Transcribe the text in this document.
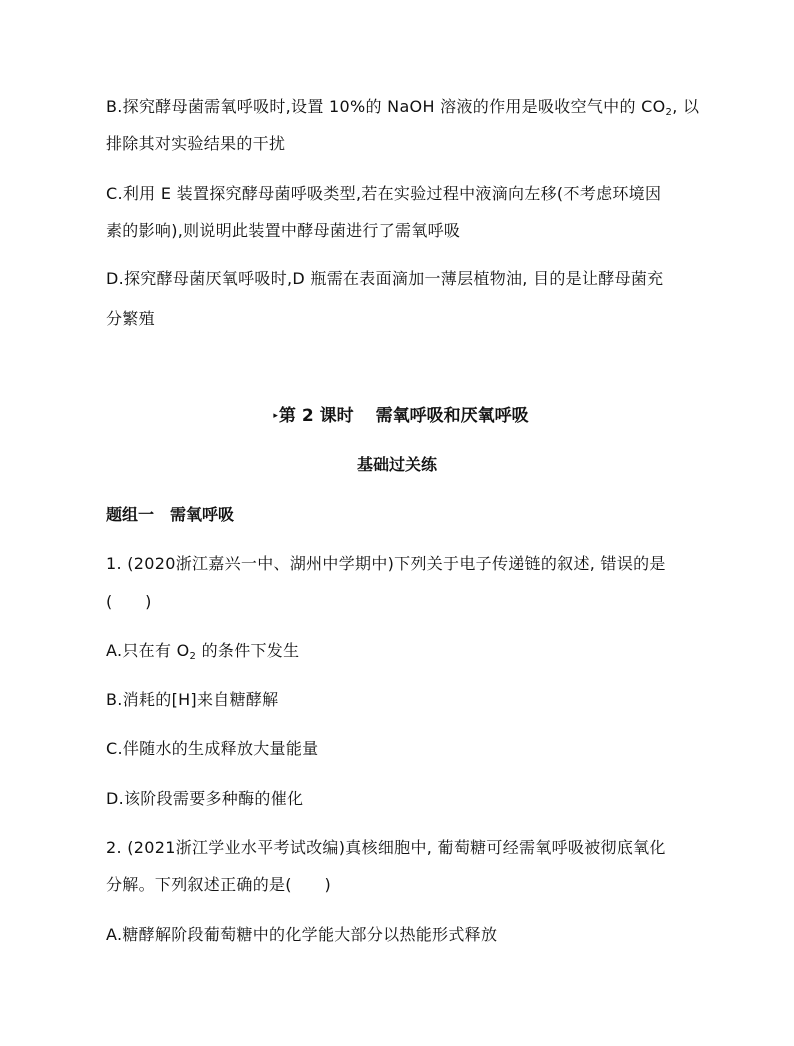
B.探究酵母菌需氧呼吸时,设置 10%的 NaOH 溶液的作用是吸收空气中的 $CO_2$, 以
排除其对实验结果的干扰
C.利用 E 装置探究酵母菌呼吸类型,若在实验过程中液滴向左移(不考虑环境因
素的影响),则说明此装置中酵母菌进行了需氧呼吸
D.探究酵母菌厌氧呼吸时,D 瓶需在表面滴加一薄层植物油, 目的是让酵母菌充
分繁殖
▸第 2 课时 需氧呼吸和厌氧呼吸
基础过关练
题组一　需氧呼吸
1. (2020浙江嘉兴一中、湖州中学期中)下列关于电子传递链的叙述, 错误的是
(　　)
A.只在有 $O_2$ 的条件下发生
B.消耗的[H]来自糖酵解
C.伴随水的生成释放大量能量
D.该阶段需要多种酶的催化
2. (2021浙江学业水平考试改编)真核细胞中, 葡萄糖可经需氧呼吸被彻底氧化
分解。下列叙述正确的是(　　)
A.糖酵解阶段葡萄糖中的化学能大部分以热能形式释放
